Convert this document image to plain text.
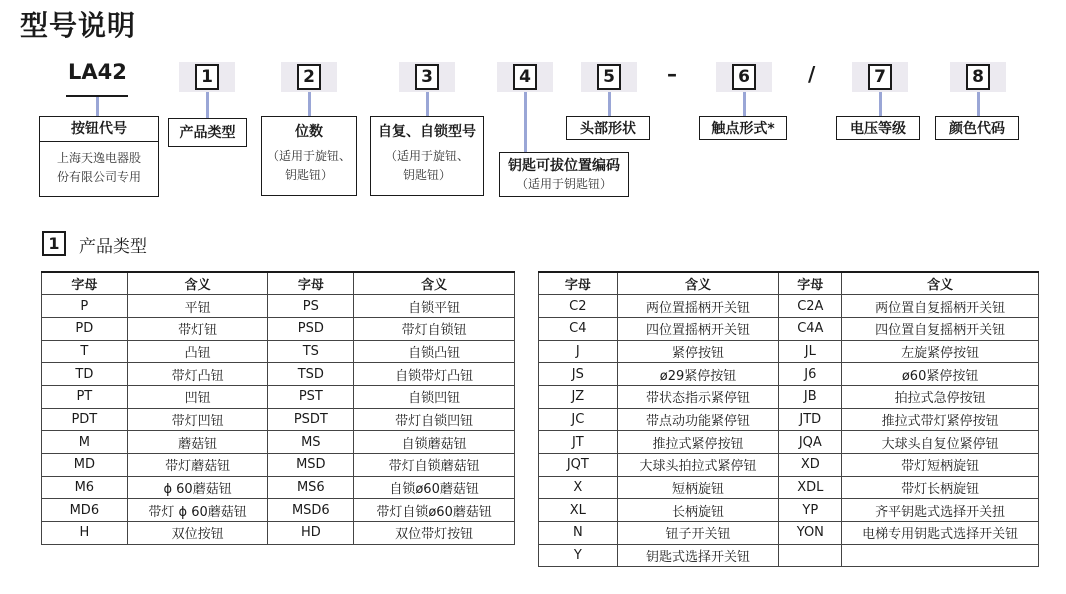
型号说明
LA42	1	2	3	4	5	–	6	/	7	8
按钮代号
上海天逸电器股
份有限公司专用
产品类型	位数
（适用于旋钮、
钥匙钮）
自复、自锁型号
（适用于旋钮、
钥匙钮）
钥匙可拔位置编码
（适用于钥匙钮）
头部形状	触点形式*	电压等级	颜色代码
1	产品类型
字母	含义	字母	含义
P	平钮	PS	自锁平钮
PD	带灯钮	PSD	带灯自锁钮
T	凸钮	TS	自锁凸钮
TD	带灯凸钮	TSD	自锁带灯凸钮
PT	凹钮	PST	自锁凹钮
PDT	带灯凹钮	PSDT	带灯自锁凹钮
M	蘑菇钮	MS	自锁蘑菇钮
MD	带灯蘑菇钮	MSD	带灯自锁蘑菇钮
M6	ϕ 60蘑菇钮	MS6	自锁ø60蘑菇钮
MD6	带灯 ϕ 60蘑菇钮	MSD6	带灯自锁ø60蘑菇钮
H	双位按钮	HD	双位带灯按钮
字母	含义	字母	含义
C2	两位置摇柄开关钮	C2A	两位置自复摇柄开关钮
C4	四位置摇柄开关钮	C4A	四位置自复摇柄开关钮
J	紧停按钮	JL	左旋紧停按钮
JS	ø29紧停按钮	J6	ø60紧停按钮
JZ	带状态指示紧停钮	JB	拍拉式急停按钮
JC	带点动功能紧停钮	JTD	推拉式带灯紧停按钮
JT	推拉式紧停按钮	JQA	大球头自复位紧停钮
JQT	大球头拍拉式紧停钮	XD	带灯短柄旋钮
X	短柄旋钮	XDL	带灯长柄旋钮
XL	长柄旋钮	YP	齐平钥匙式选择开关扭
N	钮子开关钮	YON	电梯专用钥匙式选择开关钮
Y	钥匙式选择开关钮		
